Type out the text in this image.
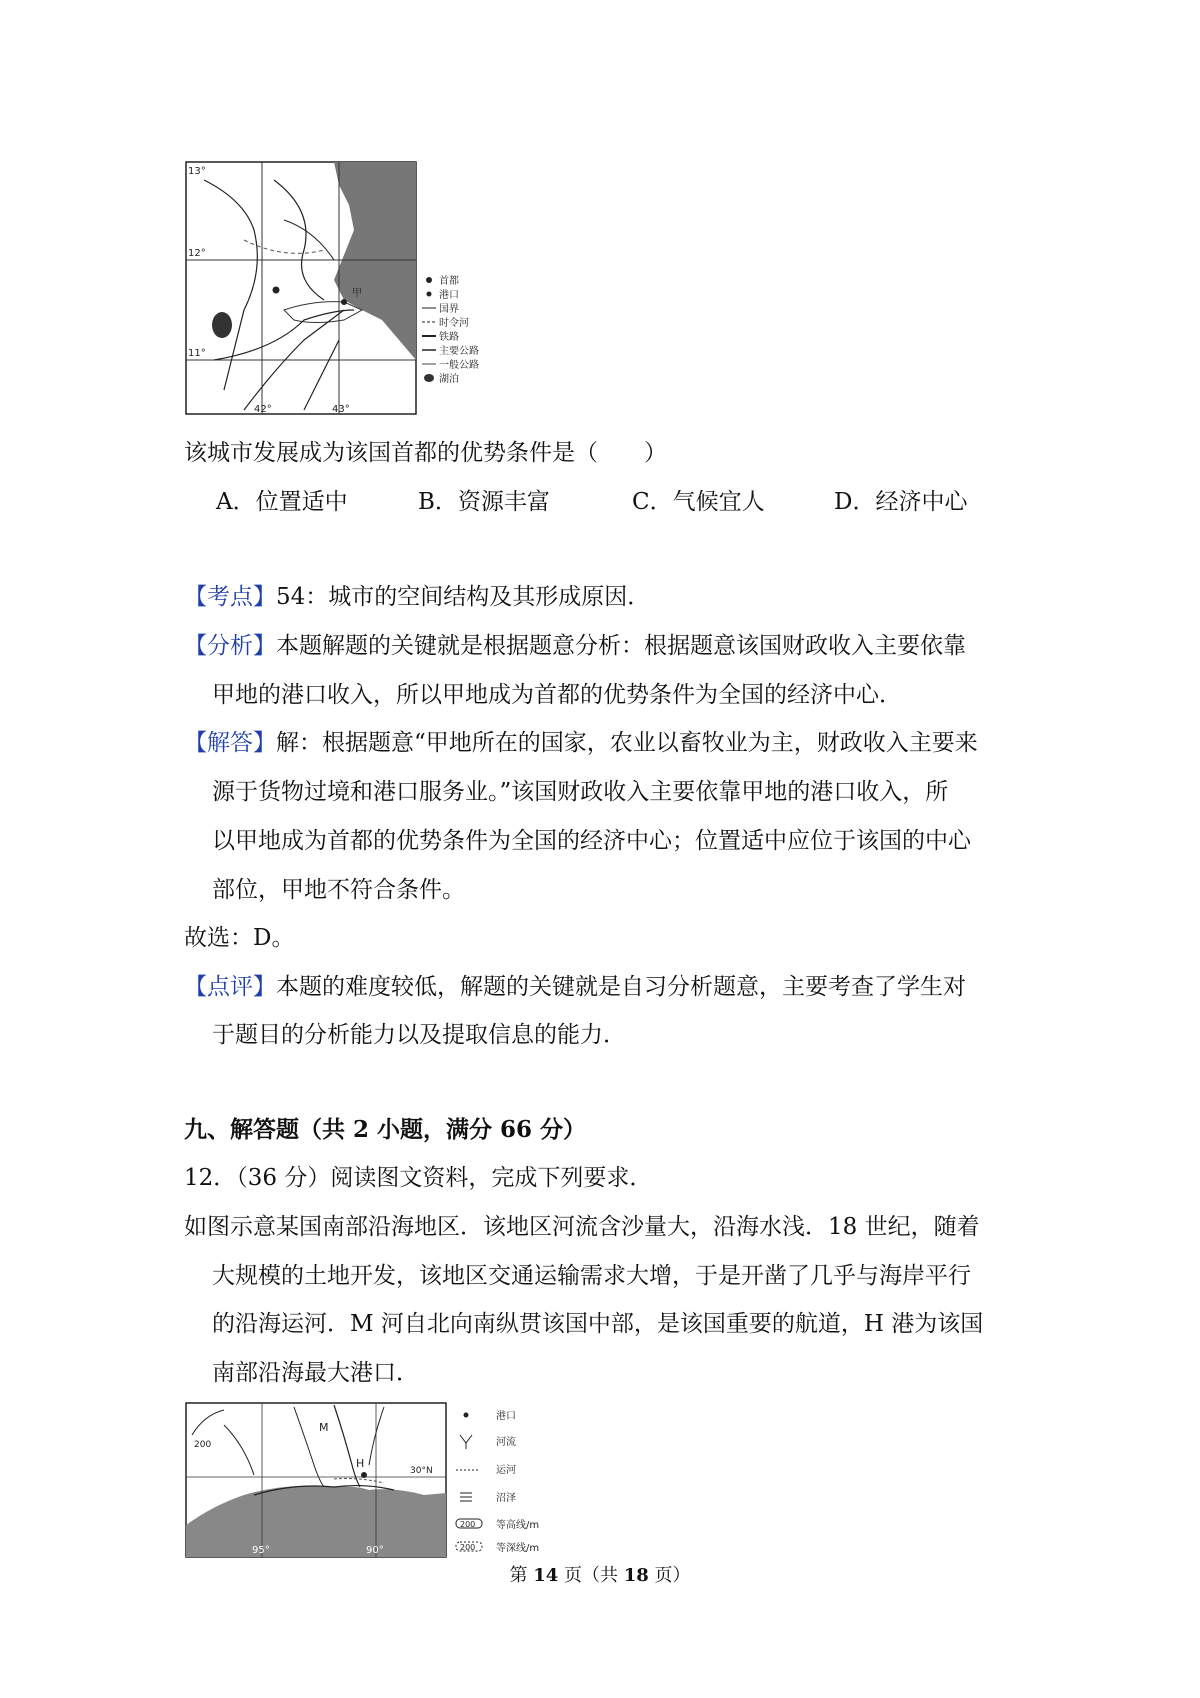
13°
12°
11°
42°	43°
甲
首都
港口
国界
时令河
铁路
主要公路
一般公路
湖泊
该城市发展成为该国首都的优势条件是（　　）
A．位置适中	B．资源丰富	C．气候宜人	D．经济中心
【考点】54：城市的空间结构及其形成原因．
【分析】本题解题的关键就是根据题意分析：根据题意该国财政收入主要依靠
甲地的港口收入，所以甲地成为首都的优势条件为全国的经济中心．
【解答】解：根据题意“甲地所在的国家，农业以畜牧业为主，财政收入主要来
源于货物过境和港口服务业。”该国财政收入主要依靠甲地的港口收入，所
以甲地成为首都的优势条件为全国的经济中心；位置适中应位于该国的中心
部位，甲地不符合条件。
故选：D。
【点评】本题的难度较低，解题的关键就是自习分析题意，主要考查了学生对
于题目的分析能力以及提取信息的能力．
九、解答题（共 2 小题，满分 66 分）
12．（36 分）阅读图文资料，完成下列要求．
如图示意某国南部沿海地区．该地区河流含沙量大，沿海水浅．18 世纪，随着
大规模的土地开发，该地区交通运输需求大增，于是开凿了几乎与海岸平行
的沿海运河．M 河自北向南纵贯该国中部，是该国重要的航道，H 港为该国
南部沿海最大港口．
M
H
30°N
95°	90°
200
港口
河流
运河
沼泽
200 等高线/m
200 等深线/m
第 14 页（共 18 页）
